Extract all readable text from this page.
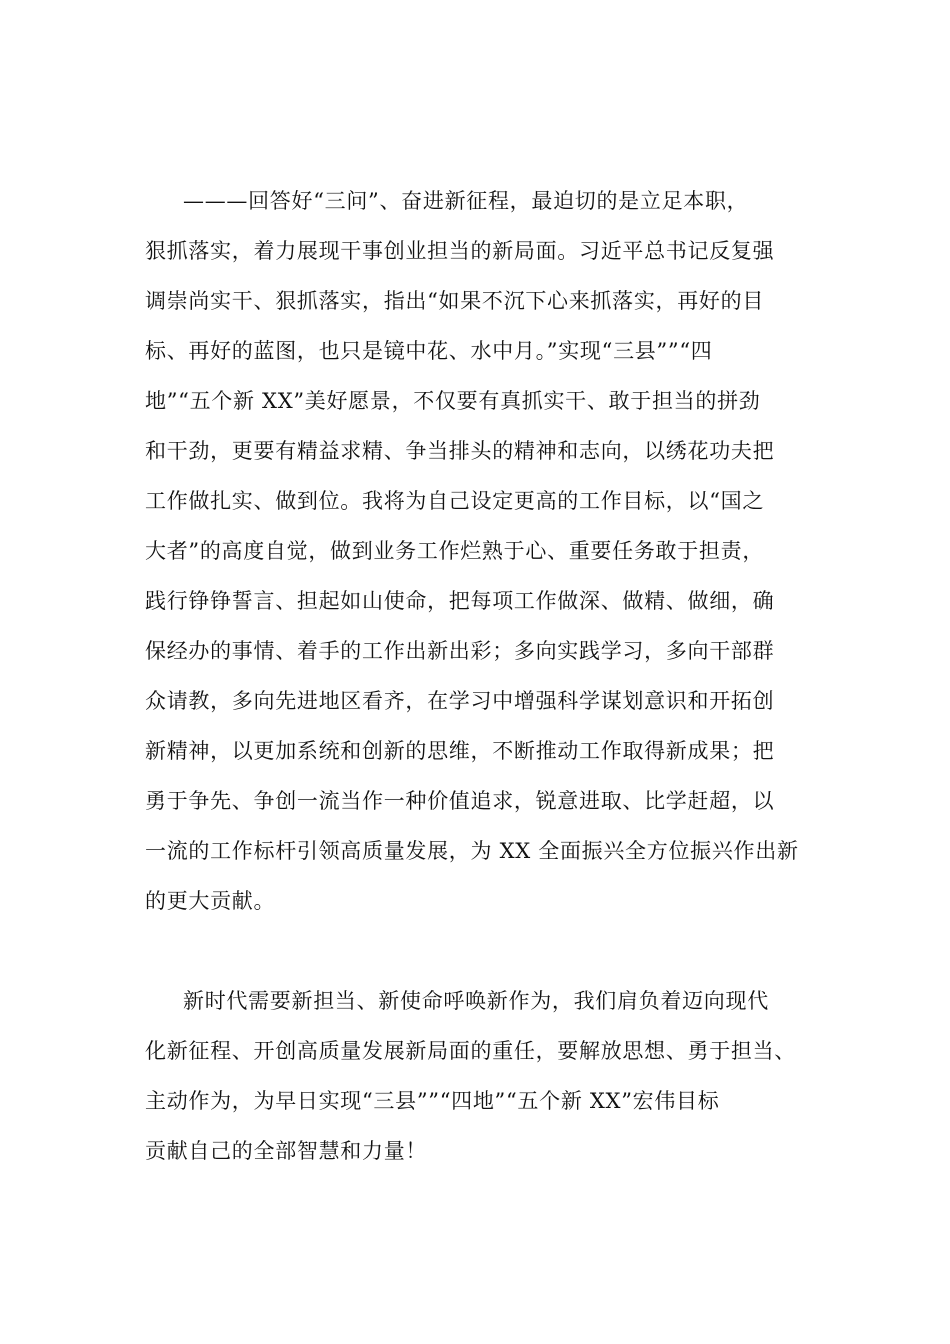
———回答好“三问”、奋进新征程，最迫切的是立足本职，
狠抓落实，着力展现干事创业担当的新局面。习近平总书记反复强
调崇尚实干、狠抓落实，指出“如果不沉下心来抓落实，再好的目
标、再好的蓝图，也只是镜中花、水中月。”实现“三县””“四
地”“五个新 XX”美好愿景，不仅要有真抓实干、敢于担当的拼劲
和干劲，更要有精益求精、争当排头的精神和志向，以绣花功夫把
工作做扎实、做到位。我将为自己设定更高的工作目标，以“国之
大者”的高度自觉，做到业务工作烂熟于心、重要任务敢于担责，
践行铮铮誓言、担起如山使命，把每项工作做深、做精、做细，确
保经办的事情、着手的工作出新出彩；多向实践学习，多向干部群
众请教，多向先进地区看齐，在学习中增强科学谋划意识和开拓创
新精神，以更加系统和创新的思维，不断推动工作取得新成果；把
勇于争先、争创一流当作一种价值追求，锐意进取、比学赶超，以
一流的工作标杆引领高质量发展，为 XX 全面振兴全方位振兴作出新
的更大贡献。
新时代需要新担当、新使命呼唤新作为，我们肩负着迈向现代
化新征程、开创高质量发展新局面的重任，要解放思想、勇于担当、
主动作为，为早日实现“三县””“四地”“五个新 XX”宏伟目标
贡献自己的全部智慧和力量！
